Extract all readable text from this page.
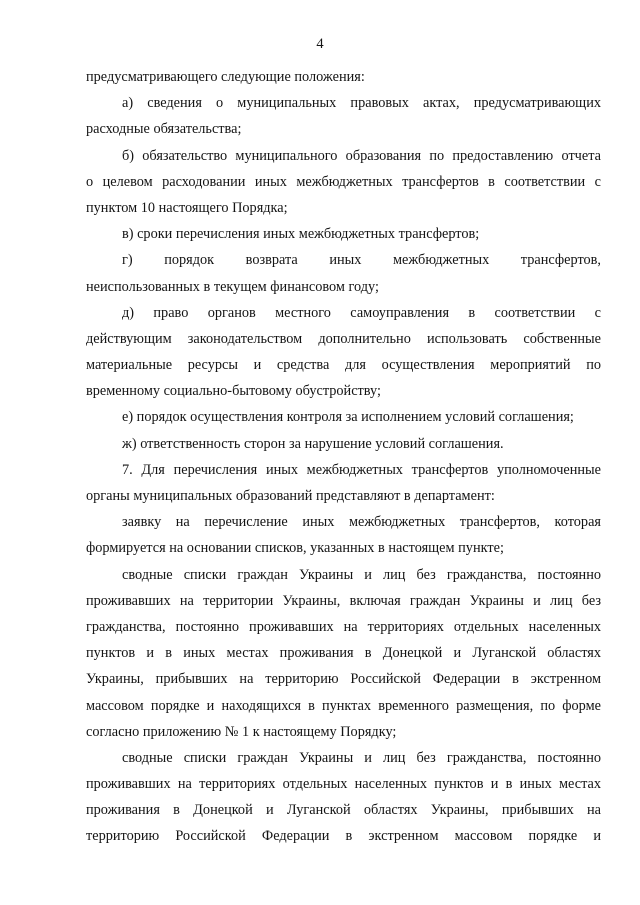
4
предусматривающего следующие положения:
а) сведения о муниципальных правовых актах, предусматривающих
расходные обязательства;
б) обязательство муниципального образования по предоставлению отчета
о целевом расходовании иных межбюджетных трансфертов в соответствии с
пунктом 10 настоящего Порядка;
в) сроки перечисления иных межбюджетных трансфертов;
г) порядок возврата иных межбюджетных трансфертов,
неиспользованных в текущем финансовом году;
д) право органов местного самоуправления в соответствии с
действующим законодательством дополнительно использовать собственные
материальные ресурсы и средства для осуществления мероприятий по
временному социально-бытовому обустройству;
е) порядок осуществления контроля за исполнением условий соглашения;
ж) ответственность сторон за нарушение условий соглашения.
7. Для перечисления иных межбюджетных трансфертов уполномоченные
органы муниципальных образований представляют в департамент:
заявку на перечисление иных межбюджетных трансфертов, которая
формируется на основании списков, указанных в настоящем пункте;
сводные списки граждан Украины и лиц без гражданства, постоянно
проживавших на территории Украины, включая граждан Украины и лиц без
гражданства, постоянно проживавших на территориях отдельных населенных
пунктов и в иных местах проживания в Донецкой и Луганской областях
Украины, прибывших на территорию Российской Федерации в экстренном
массовом порядке и находящихся в пунктах временного размещения, по форме
согласно приложению № 1 к настоящему Порядку;
сводные списки граждан Украины и лиц без гражданства, постоянно
проживавших на территориях отдельных населенных пунктов и в иных местах
проживания в Донецкой и Луганской областях Украины, прибывших на
территорию Российской Федерации в экстренном массовом порядке и
